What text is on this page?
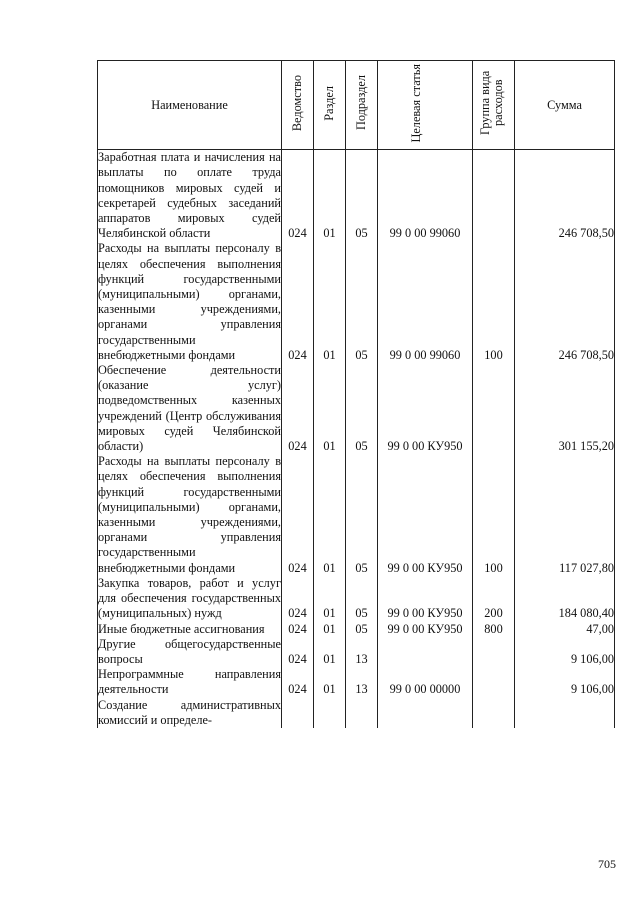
Наименование	Ведомство	Раздел	Подраздел	Целевая статья	Группа вида расходов	Сумма
Заработная плата и начисления на выплаты по оплате труда помощников мировых судей и секретарей судебных заседаний аппаратов мировых судей Челябинской области	024	01	05	99 0 00 99060		246 708,50
Расходы на выплаты персоналу в целях обеспечения выполнения функций государственными (муниципальными) органами, казенными учреждениями, органами управления государственными внебюджетными фондами	024	01	05	99 0 00 99060	100	246 708,50
Обеспечение деятельности (оказание услуг) подведомственных казенных учреждений (Центр обслуживания мировых судей Челябинской области)	024	01	05	99 0 00 КУ950		301 155,20
Расходы на выплаты персоналу в целях обеспечения выполнения функций государственными (муниципальными) органами, казенными учреждениями, органами управления государственными внебюджетными фондами	024	01	05	99 0 00 КУ950	100	117 027,80
Закупка товаров, работ и услуг для обеспечения государственных (муниципальных) нужд	024	01	05	99 0 00 КУ950	200	184 080,40
Иные бюджетные ассигнования	024	01	05	99 0 00 КУ950	800	47,00
Другие общегосударственные вопросы	024	01	13			9 106,00
Непрограммные направления деятельности	024	01	13	99 0 00 00000		9 106,00
Создание административных комиссий и определе-						
705
